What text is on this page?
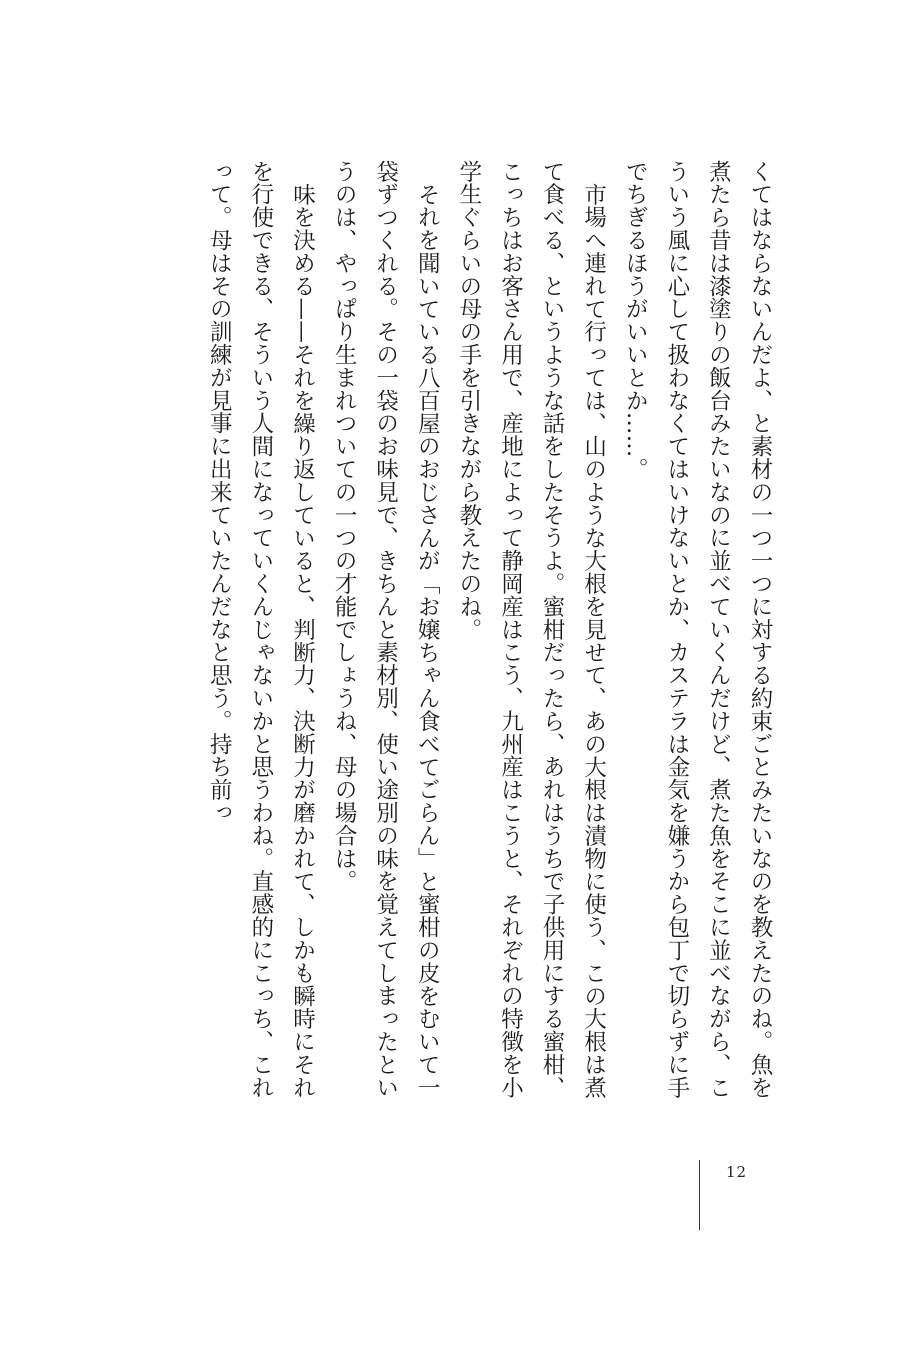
くてはならないんだよ、と素材の一つ一つに対する約束ごとみたいなのを教えたのね。魚を煮たら昔は漆塗りの飯台みたいなのに並べていくんだけど、煮た魚をそこに並べながら、こういう風に心して扱わなくてはいけないとか、カステラは金気を嫌うから包丁で切らずに手でちぎるほうがいいとか……。

市場へ連れて行っては、山のような大根を見せて、あの大根は漬物に使う、この大根は煮て食べる、というような話をしたそうよ。蜜柑だったら、あれはうちで子供用にする蜜柑、こっちはお客さん用で、産地によって静岡産はこう、九州産はこうと、それぞれの特徴を小学生ぐらいの母の手を引きながら教えたのね。

それを聞いている八百屋のおじさんが「お嬢ちゃん食べてごらん」と蜜柑の皮をむいて一袋ずつくれる。その一袋のお味見で、きちんと素材別、使い途別の味を覚えてしまったというのは、やっぱり生まれついての一つの才能でしょうね、母の場合は。

味を決める——それを繰り返していると、判断力、決断力が磨かれて、しかも瞬時にそれを行使できる、そういう人間になっていくんじゃないかと思うわね。直感的にこっち、これって。母はその訓練が見事に出来ていたんだなと思う。持ち前っ

12
